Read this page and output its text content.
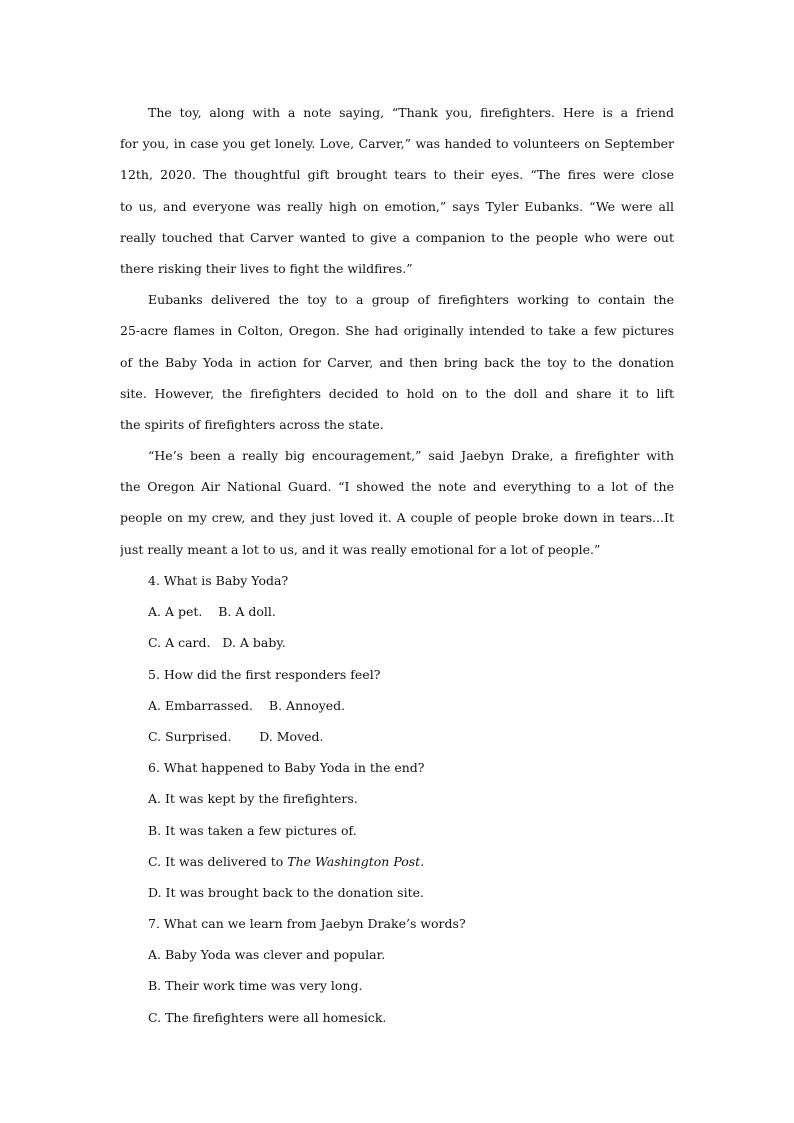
The toy, along with a note saying, “Thank you, firefighters. Here is a friend
for you, in case you get lonely. Love, Carver,” was handed to volunteers on September
12th, 2020. The thoughtful gift brought tears to their eyes. “The fires were close
to us, and everyone was really high on emotion,” says Tyler Eubanks. “We were all
really touched that Carver wanted to give a companion to the people who were out
there risking their lives to fight the wildfires.”
Eubanks delivered the toy to a group of firefighters working to contain the
25-acre flames in Colton, Oregon. She had originally intended to take a few pictures
of the Baby Yoda in action for Carver, and then bring back the toy to the donation
site. However, the firefighters decided to hold on to the doll and share it to lift
the spirits of firefighters across the state.
“He’s been a really big encouragement,” said Jaebyn Drake, a firefighter with
the Oregon Air National Guard. “I showed the note and everything to a lot of the
people on my crew, and they just loved it. A couple of people broke down in tears...It
just really meant a lot to us, and it was really emotional for a lot of people.”
4. What is Baby Yoda?
A. A pet.    B. A doll.
C. A card.   D. A baby.
5. How did the first responders feel?
A. Embarrassed.    B. Annoyed.
C. Surprised.       D. Moved.
6. What happened to Baby Yoda in the end?
A. It was kept by the firefighters.
B. It was taken a few pictures of.
C. It was delivered to The Washington Post.
D. It was brought back to the donation site.
7. What can we learn from Jaebyn Drake’s words?
A. Baby Yoda was clever and popular.
B. Their work time was very long.
C. The firefighters were all homesick.
